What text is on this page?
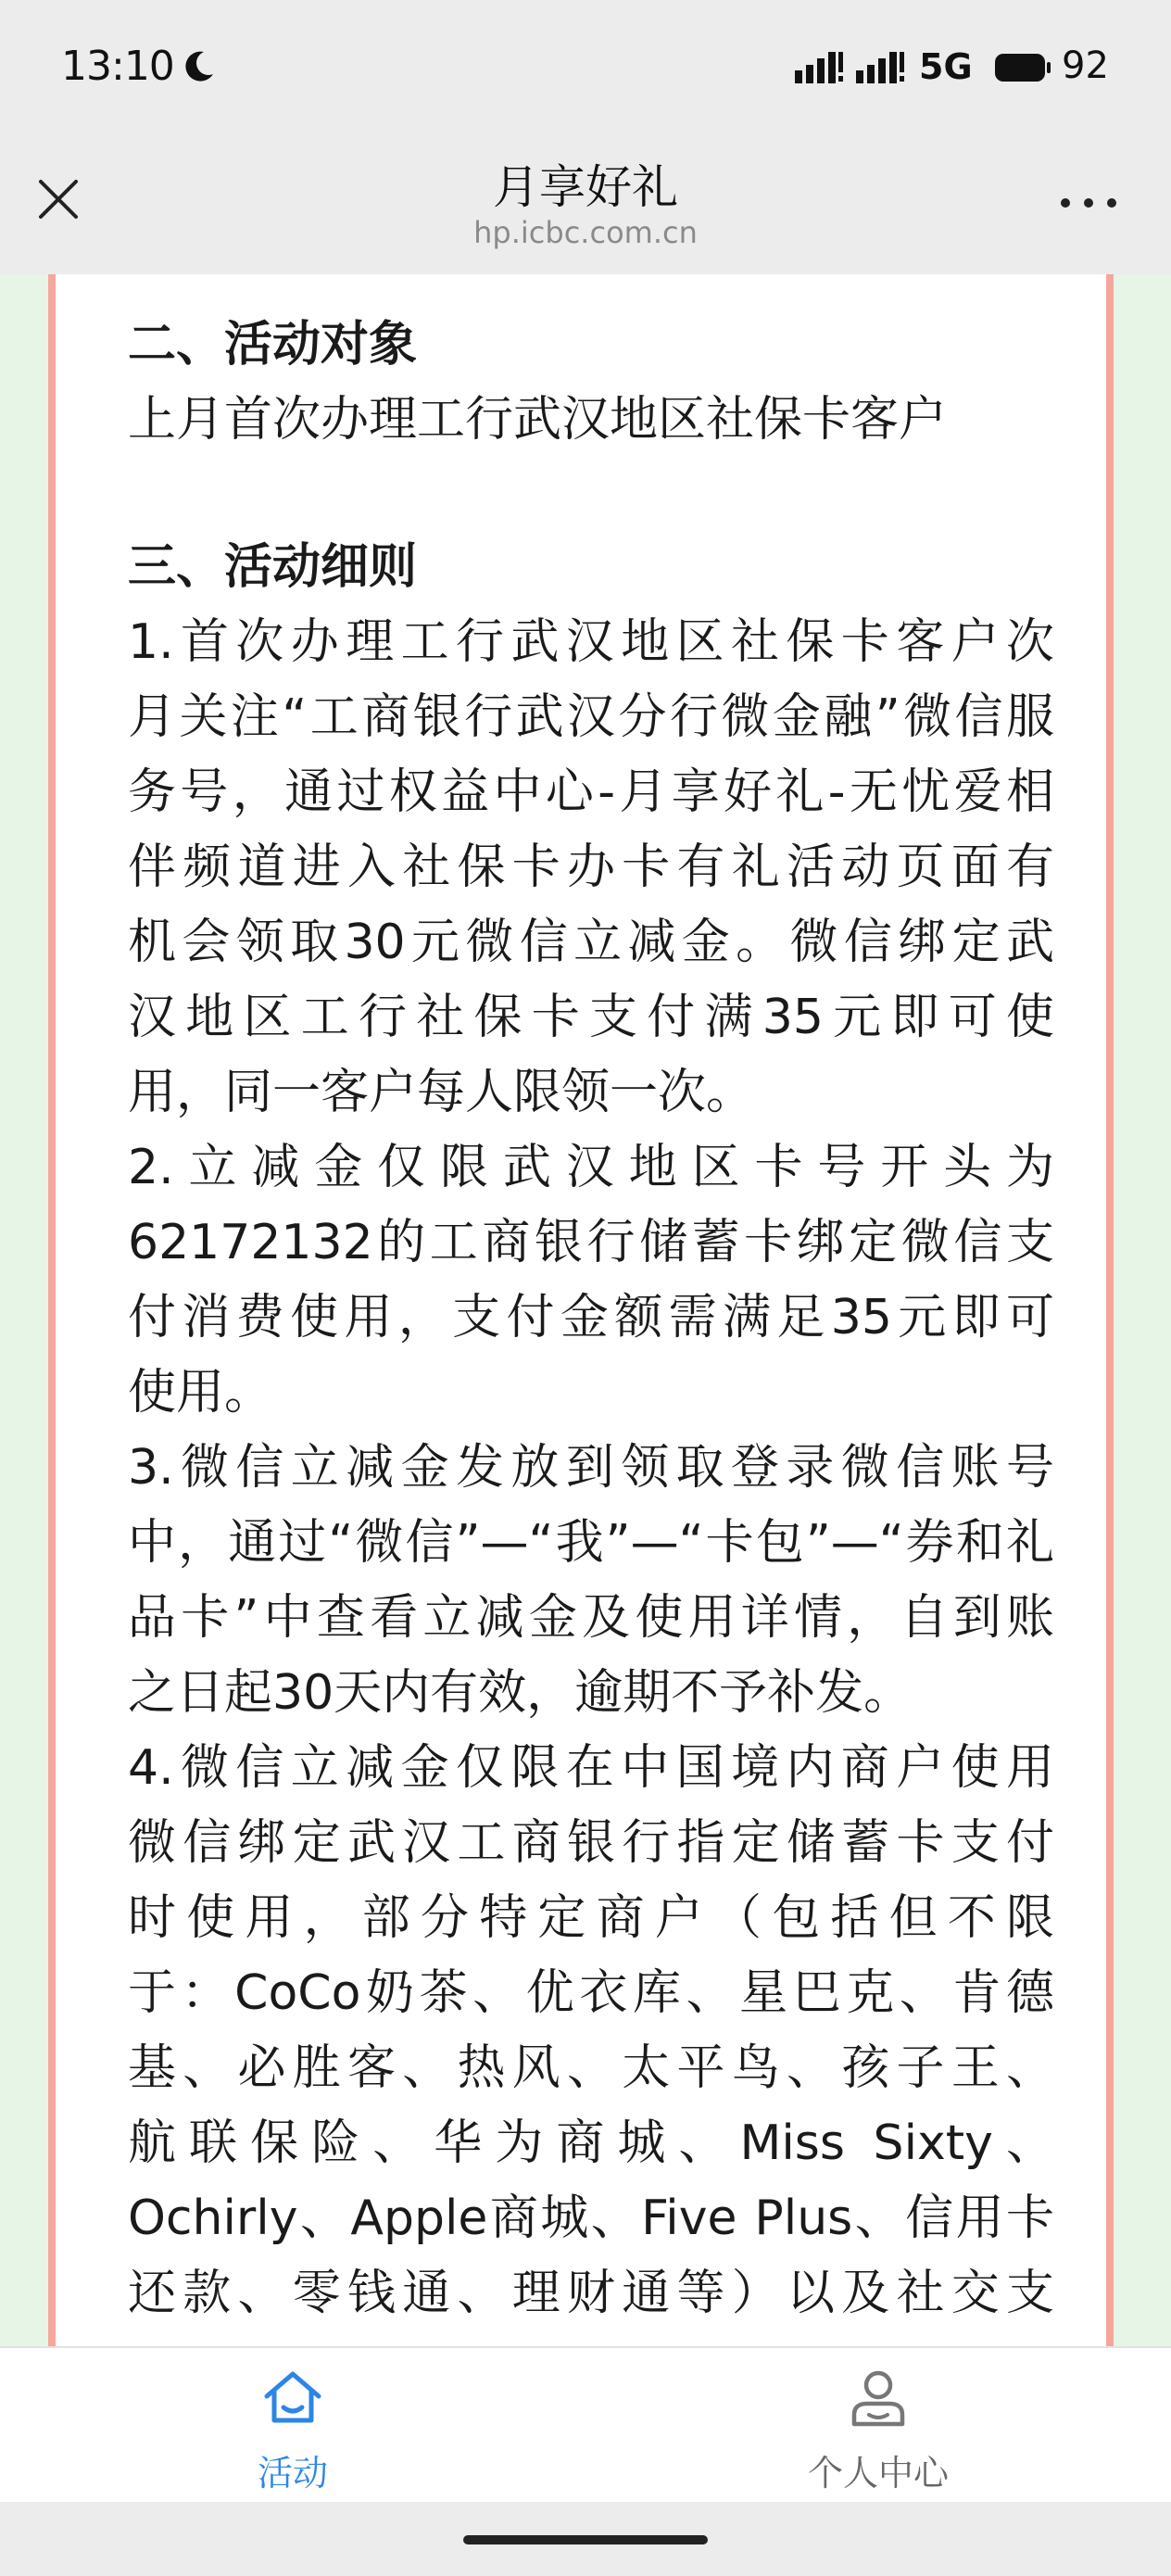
13:10	5G 92
月享好礼
hp.icbc.com.cn
二、活动对象
上月首次办理工行武汉地区社保卡客户
三、活动细则
1.首次办理工行武汉地区社保卡客户次
月关注“工商银行武汉分行微金融”微信服
务号，通过权益中心-月享好礼-无忧爱相
伴频道进入社保卡办卡有礼活动页面有
机会领取30元微信立减金。微信绑定武
汉地区工行社保卡支付满35元即可使
用，同一客户每人限领一次。
2.立减金仅限武汉地区卡号开头为
62172132的工商银行储蓄卡绑定微信支
付消费使用，支付金额需满足35元即可
使用。
3.微信立减金发放到领取登录微信账号
中，通过“微信”—“我”—“卡包”—“券和礼
品卡”中查看立减金及使用详情，自到账
之日起30天内有效，逾期不予补发。
4.微信立减金仅限在中国境内商户使用
微信绑定武汉工商银行指定储蓄卡支付
时使用，部分特定商户（包括但不限
于：CoCo奶茶、优衣库、星巴克、肯德
基、必胜客、热风、太平鸟、孩子王、
航联保险、华为商城、Miss Sixty、
Ochirly、Apple商城、Five Plus、信用卡
还款、零钱通、理财通等）以及社交支
活动	个人中心
